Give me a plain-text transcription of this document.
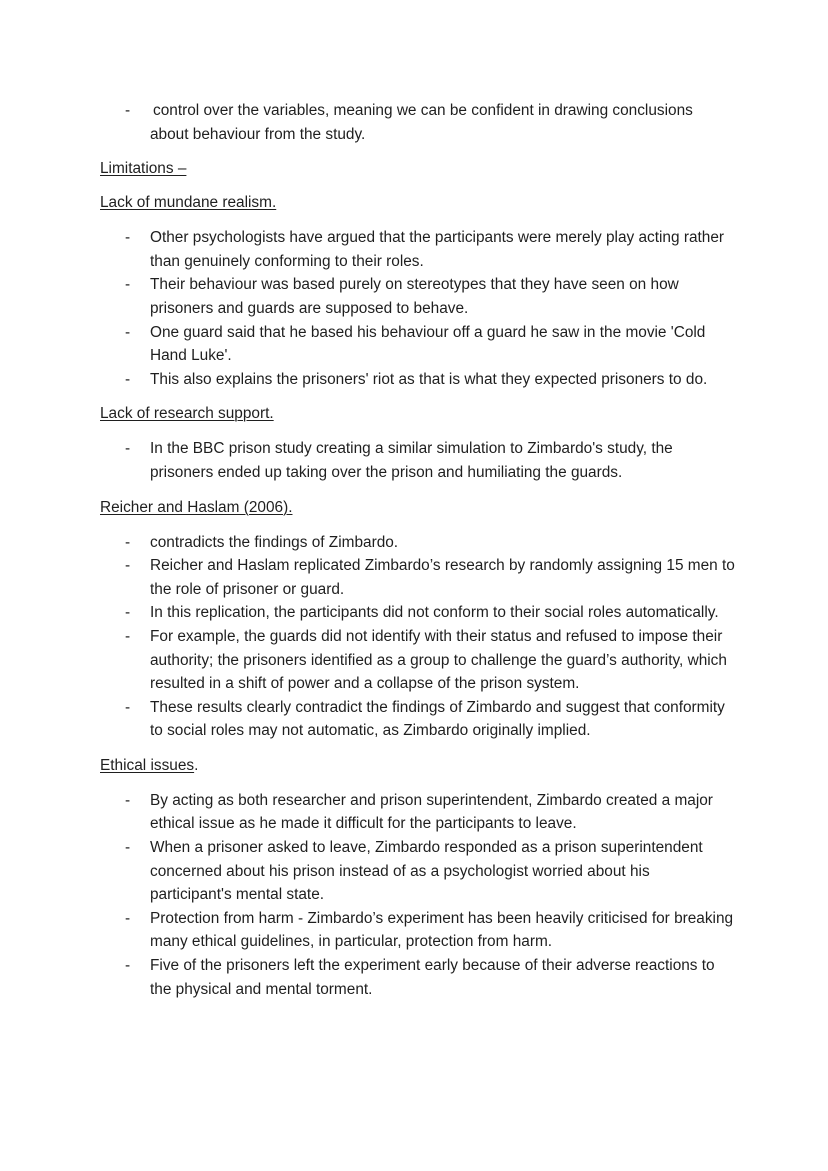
-	control over the variables, meaning we can be confident in drawing conclusions about behaviour from the study.

Limitations –

Lack of mundane realism.

-	Other psychologists have argued that the participants were merely play acting rather than genuinely conforming to their roles.
-	Their behaviour was based purely on stereotypes that they have seen on how prisoners and guards are supposed to behave.
-	One guard said that he based his behaviour off a guard he saw in the movie 'Cold Hand Luke'.
-	This also explains the prisoners' riot as that is what they expected prisoners to do.

Lack of research support.

-	In the BBC prison study creating a similar simulation to Zimbardo's study, the prisoners ended up taking over the prison and humiliating the guards.

Reicher and Haslam (2006).

-	contradicts the findings of Zimbardo.
-	Reicher and Haslam replicated Zimbardo’s research by randomly assigning 15 men to the role of prisoner or guard.
-	In this replication, the participants did not conform to their social roles automatically.
-	For example, the guards did not identify with their status and refused to impose their authority; the prisoners identified as a group to challenge the guard’s authority, which resulted in a shift of power and a collapse of the prison system.
-	These results clearly contradict the findings of Zimbardo and suggest that conformity to social roles may not automatic, as Zimbardo originally implied.

Ethical issues.

-	By acting as both researcher and prison superintendent, Zimbardo created a major ethical issue as he made it difficult for the participants to leave.
-	When a prisoner asked to leave, Zimbardo responded as a prison superintendent concerned about his prison instead of as a psychologist worried about his participant's mental state.
-	Protection from harm - Zimbardo’s experiment has been heavily criticised for breaking many ethical guidelines, in particular, protection from harm.
-	Five of the prisoners left the experiment early because of their adverse reactions to the physical and mental torment.
